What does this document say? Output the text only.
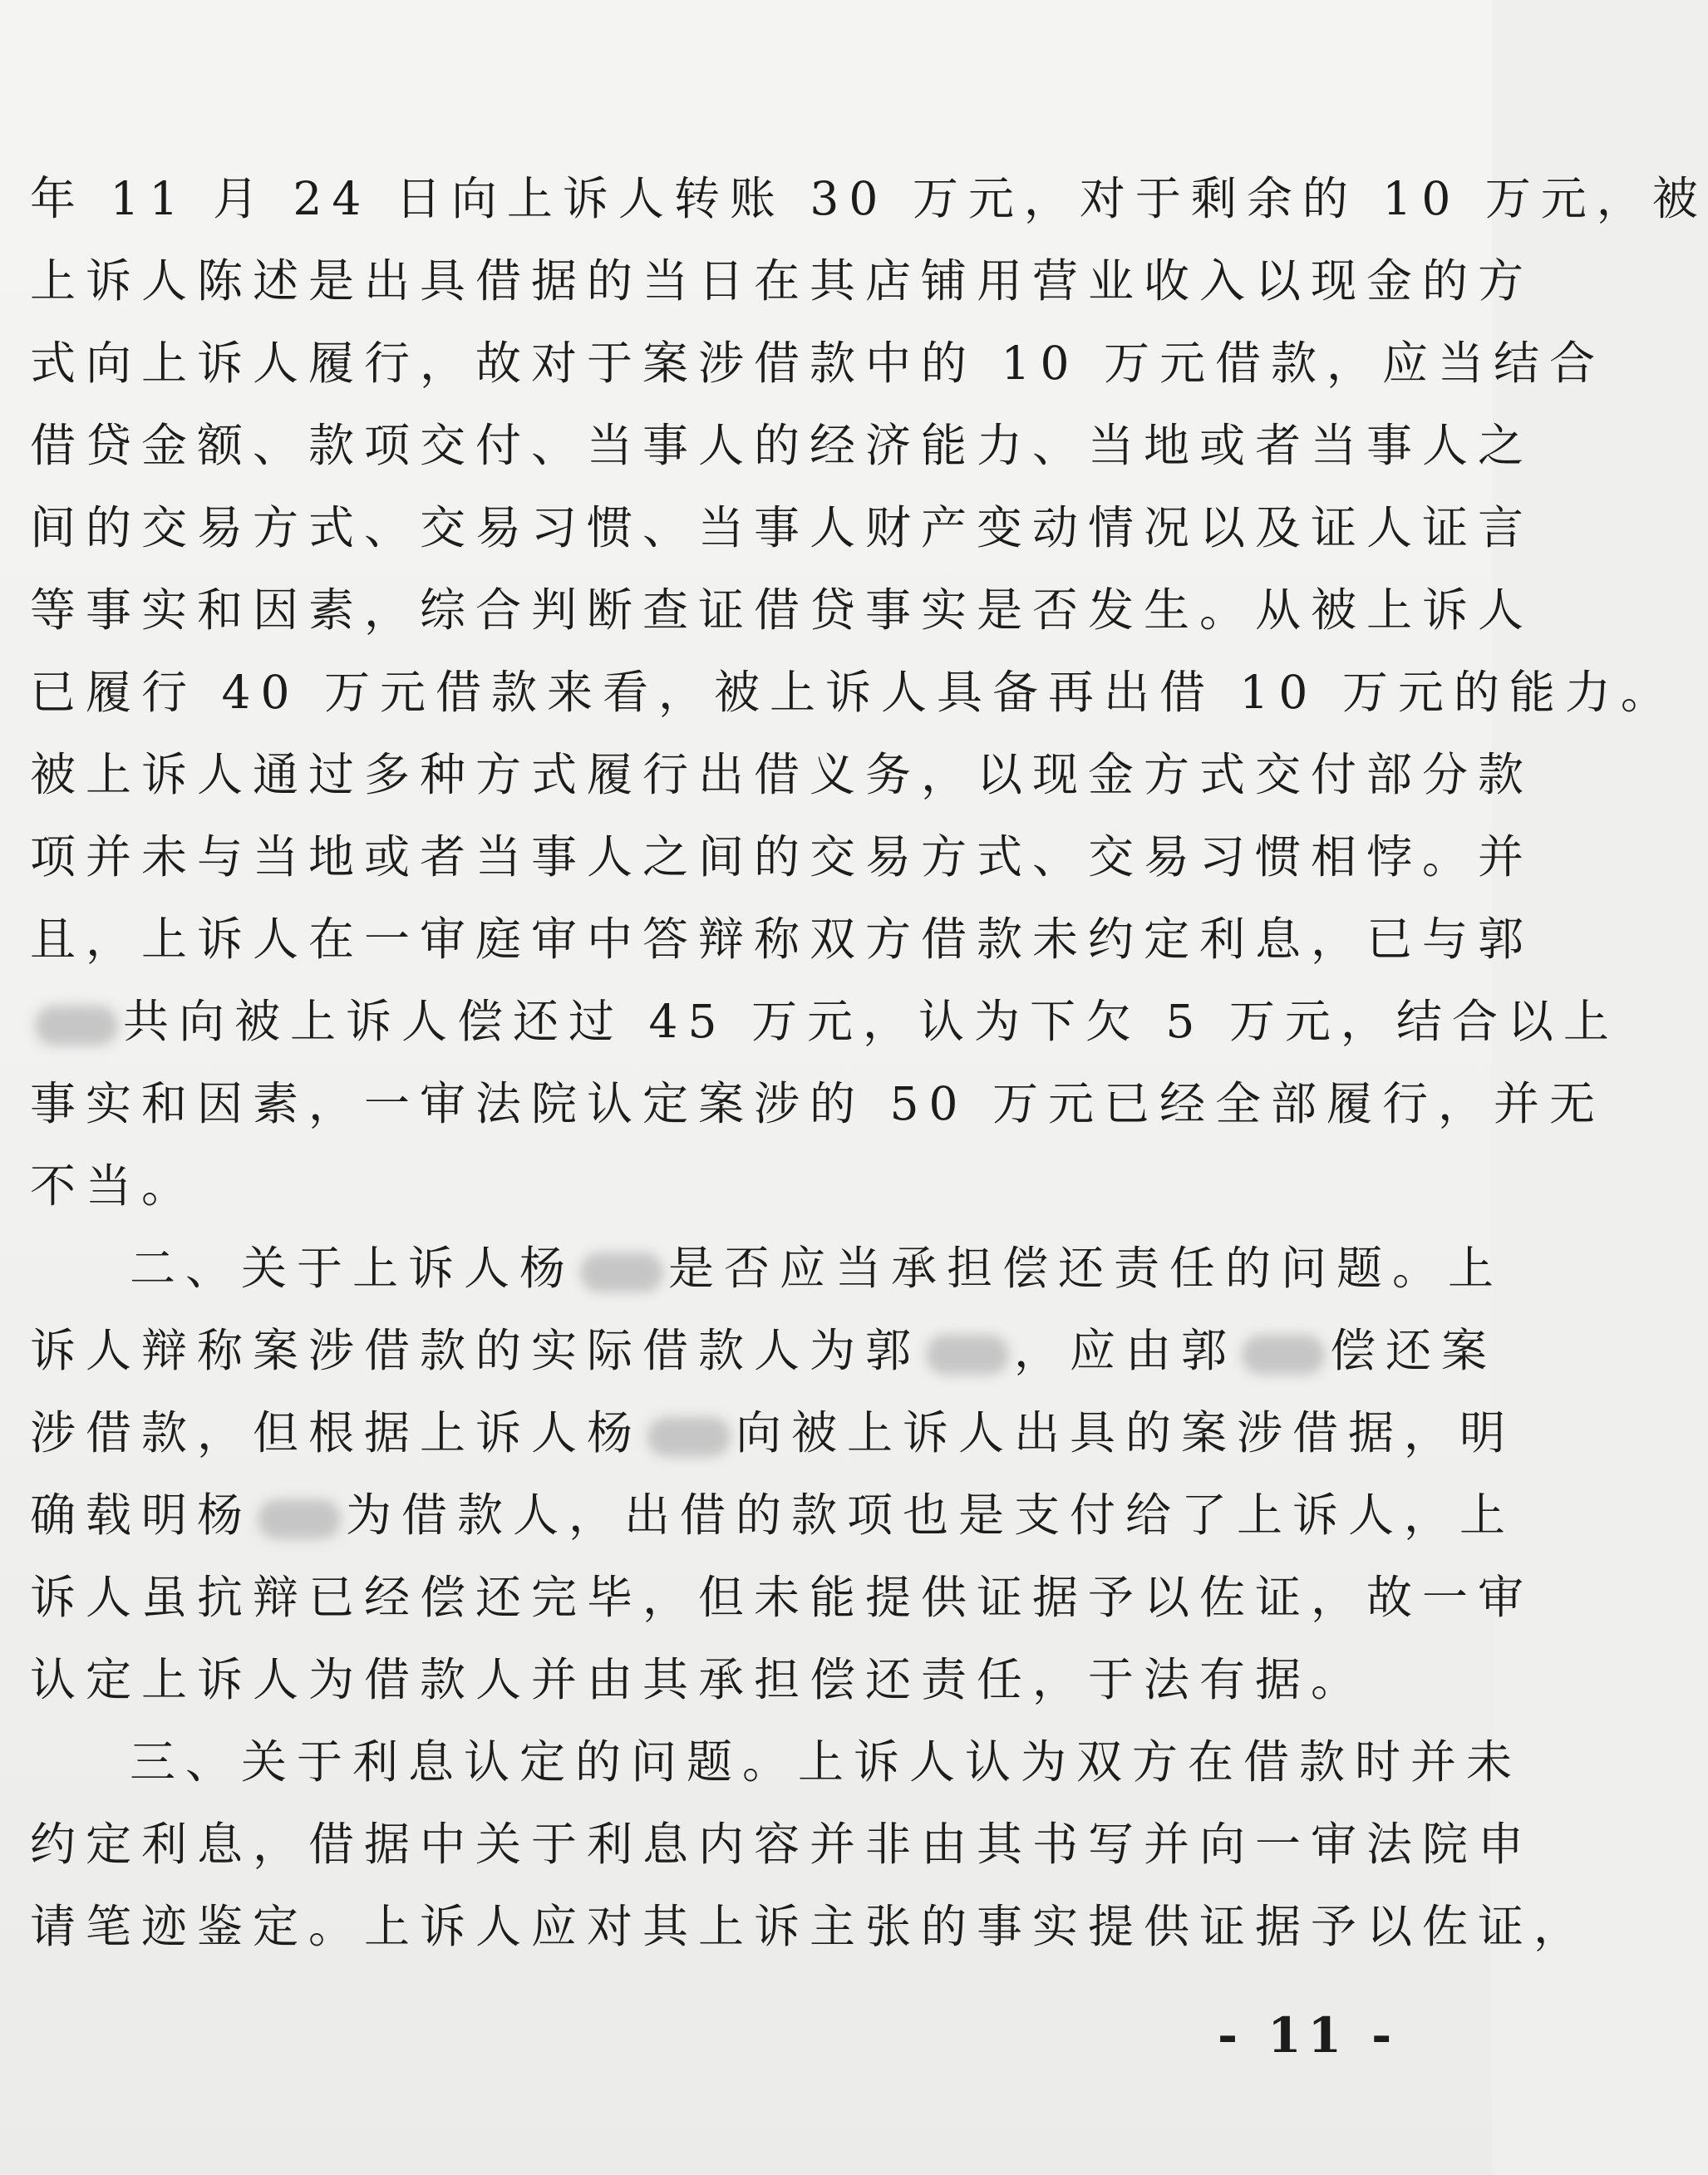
年 11 月 24 日向上诉人转账 30 万元，对于剩余的 10 万元，被
上诉人陈述是出具借据的当日在其店铺用营业收入以现金的方
式向上诉人履行，故对于案涉借款中的 10 万元借款，应当结合
借贷金额、款项交付、当事人的经济能力、当地或者当事人之
间的交易方式、交易习惯、当事人财产变动情况以及证人证言
等事实和因素，综合判断查证借贷事实是否发生。从被上诉人
已履行 40 万元借款来看，被上诉人具备再出借 10 万元的能力。
被上诉人通过多种方式履行出借义务，以现金方式交付部分款
项并未与当地或者当事人之间的交易方式、交易习惯相悖。并
且，上诉人在一审庭审中答辩称双方借款未约定利息，已与郭
共向被上诉人偿还过 45 万元，认为下欠 5 万元，结合以上
事实和因素，一审法院认定案涉的 50 万元已经全部履行，并无
不当。
二、关于上诉人杨 是否应当承担偿还责任的问题。上
诉人辩称案涉借款的实际借款人为郭 ，应由郭 偿还案
涉借款，但根据上诉人杨 向被上诉人出具的案涉借据，明
确载明杨 为借款人，出借的款项也是支付给了上诉人，上
诉人虽抗辩已经偿还完毕，但未能提供证据予以佐证，故一审
认定上诉人为借款人并由其承担偿还责任，于法有据。
三、关于利息认定的问题。上诉人认为双方在借款时并未
约定利息，借据中关于利息内容并非由其书写并向一审法院申
请笔迹鉴定。上诉人应对其上诉主张的事实提供证据予以佐证，
- 11 -
